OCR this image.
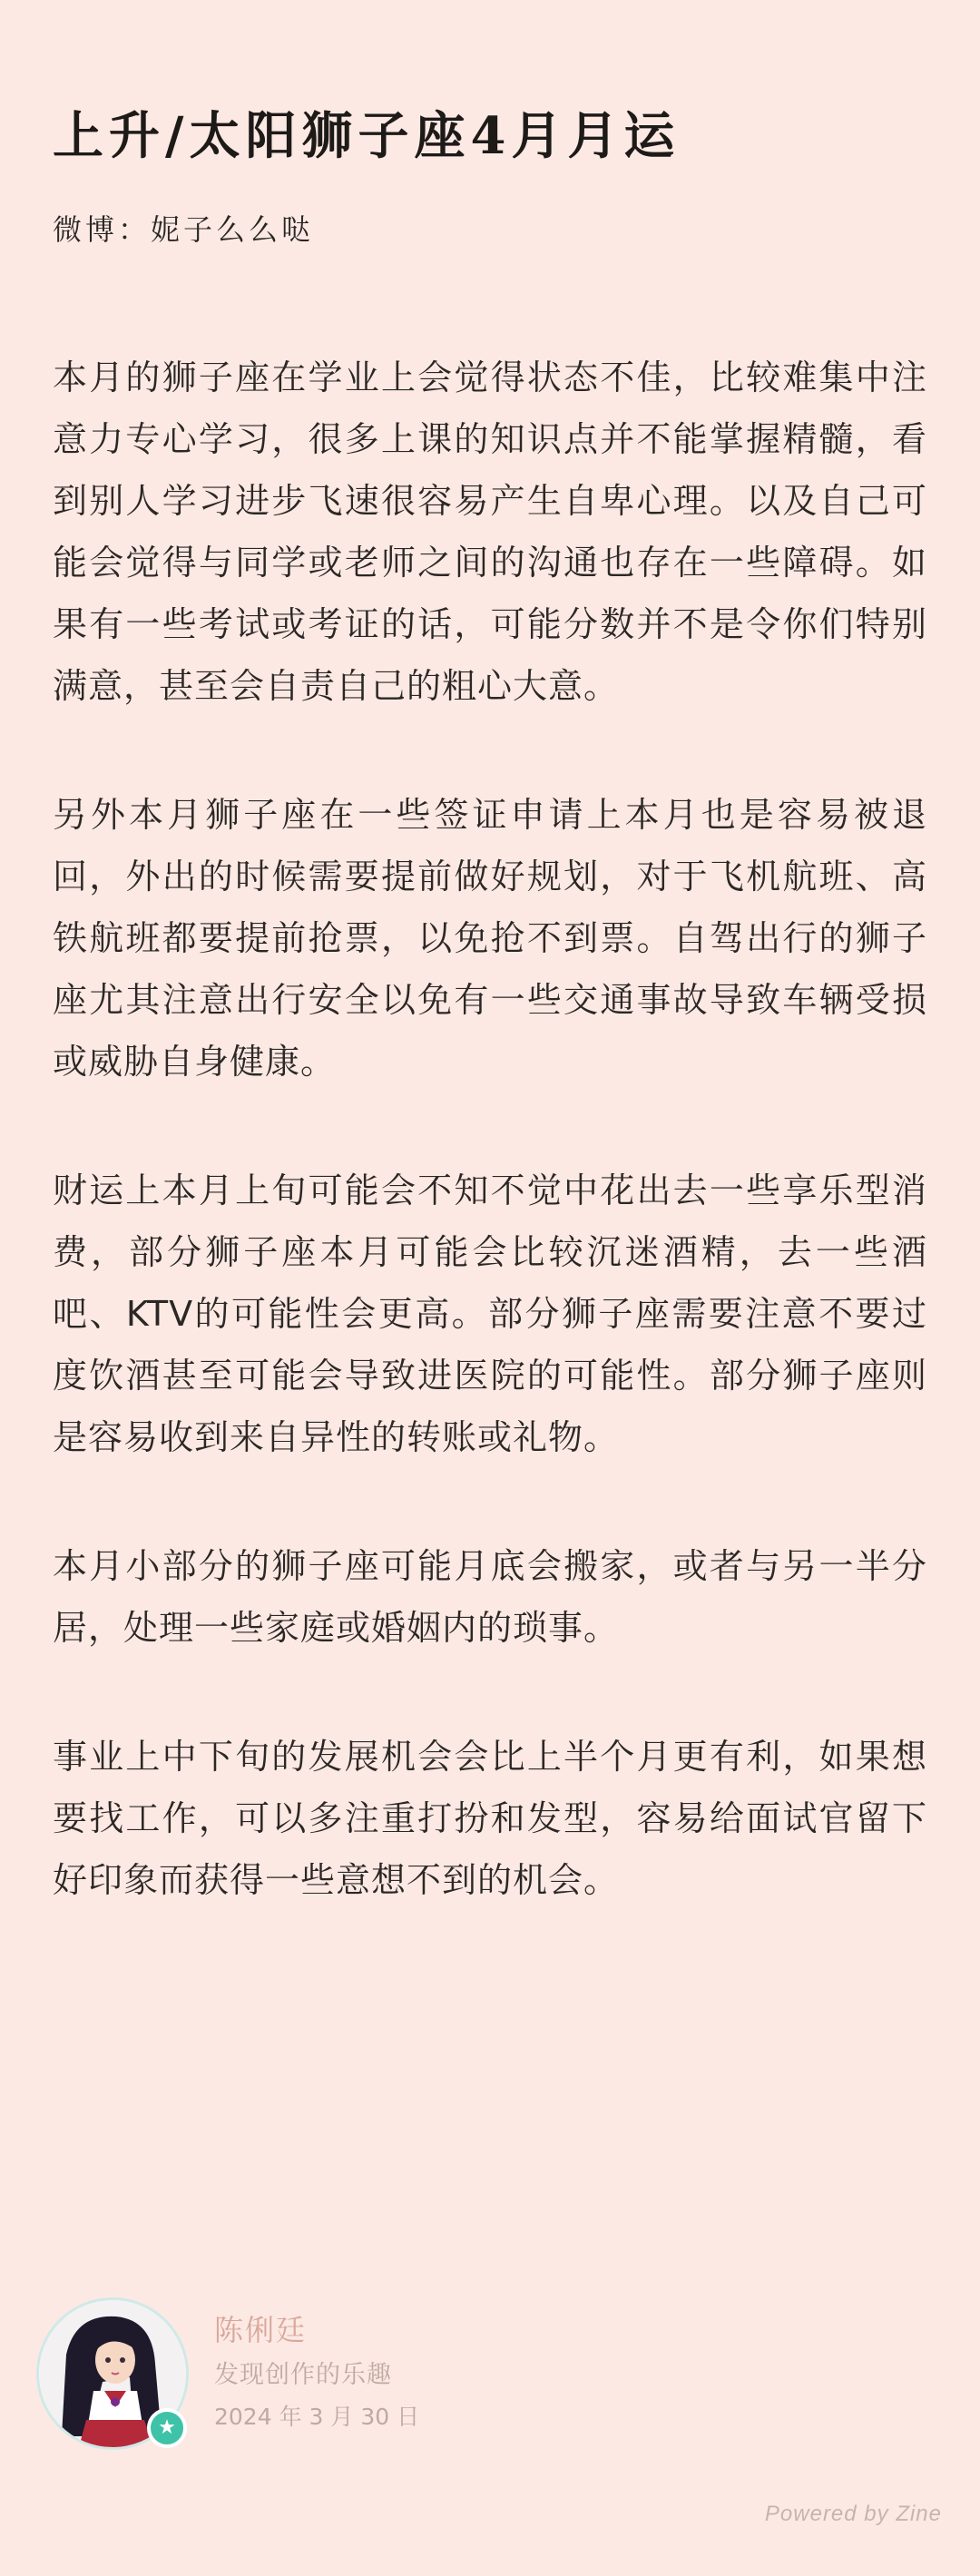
上升/太阳狮子座4月月运
微博：妮子么么哒

本月的狮子座在学业上会觉得状态不佳，比较难集中注意力专心学习，很多上课的知识点并不能掌握精髓，看到别人学习进步飞速很容易产生自卑心理。以及自己可能会觉得与同学或老师之间的沟通也存在一些障碍。如果有一些考试或考证的话，可能分数并不是令你们特别满意，甚至会自责自己的粗心大意。

另外本月狮子座在一些签证申请上本月也是容易被退回，外出的时候需要提前做好规划，对于飞机航班、高铁航班都要提前抢票，以免抢不到票。自驾出行的狮子座尤其注意出行安全以免有一些交通事故导致车辆受损或威胁自身健康。

财运上本月上旬可能会不知不觉中花出去一些享乐型消费，部分狮子座本月可能会比较沉迷酒精，去一些酒吧、KTV的可能性会更高。部分狮子座需要注意不要过度饮酒甚至可能会导致进医院的可能性。部分狮子座则是容易收到来自异性的转账或礼物。

本月小部分的狮子座可能月底会搬家，或者与另一半分居，处理一些家庭或婚姻内的琐事。

事业上中下旬的发展机会会比上半个月更有利，如果想要找工作，可以多注重打扮和发型，容易给面试官留下好印象而获得一些意想不到的机会。

★
陈俐廷
发现创作的乐趣
2024 年 3 月 30 日
Powered by Zine
